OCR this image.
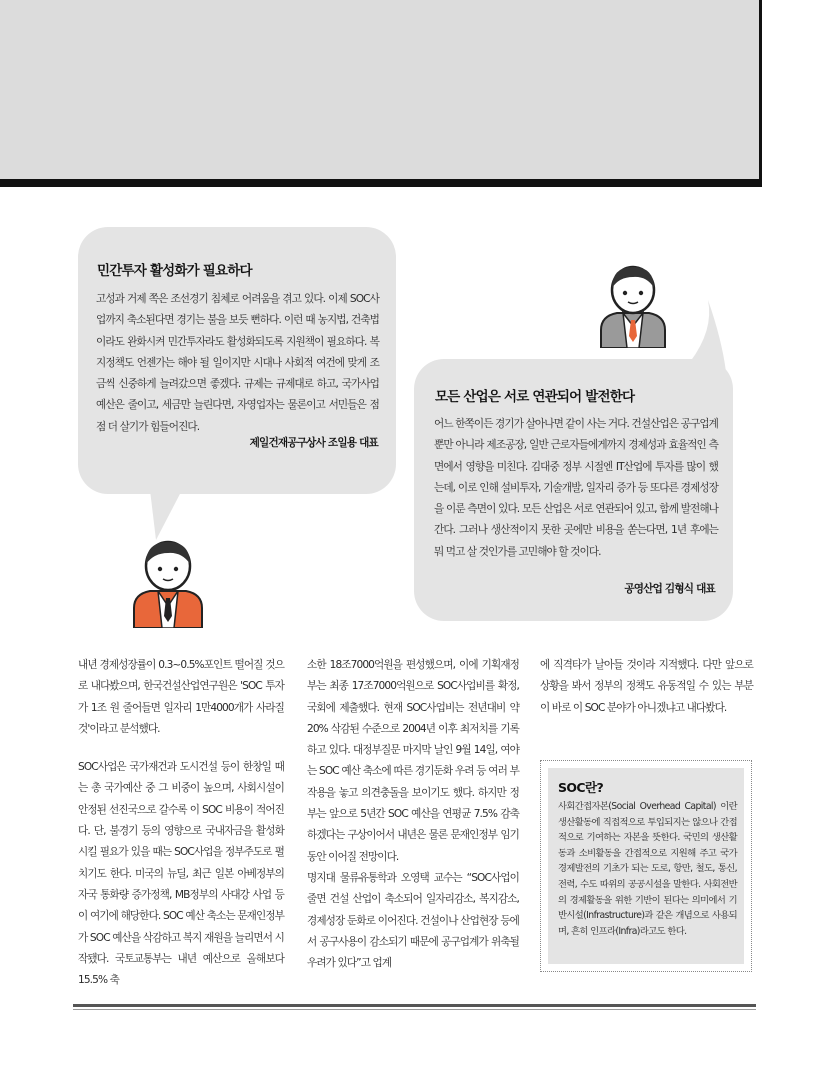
민간투자 활성화가 필요하다
고성과 거제 쪽은 조선경기 침체로 어려움을 겪고 있다. 이제 SOC사업까지 축소된다면 경기는 불을 보듯 뻔하다. 이런 때 농지법, 건축법이라도 완화시켜 민간투자라도 활성화되도록 지원책이 필요하다. 복지정책도 언젠가는 해야 될 일이지만 시대나 사회적 여건에 맞게 조금씩 신중하게 늘려갔으면 좋겠다. 규제는 규제대로 하고, 국가사업 예산은 줄이고, 세금만 늘린다면, 자영업자는 물론이고 서민들은 점점 더 살기가 힘들어진다.
제일건재공구상사 조일용 대표
모든 산업은 서로 연관되어 발전한다
어느 한쪽이든 경기가 살아나면 같이 사는 거다. 건설산업은 공구업계 뿐만 아니라 제조공장, 일반 근로자들에게까지 경제성과 효율적인 측면에서 영향을 미친다. 김대중 정부 시절엔 IT산업에 투자를 많이 했는데, 이로 인해 설비투자, 기술개발, 일자리 증가 등 또다른 경제성장을 이룬 측면이 있다. 모든 산업은 서로 연관되어 있고, 함께 발전해나간다. 그러나 생산적이지 못한 곳에만 비용을 쏟는다면, 1년 후에는 뭐 먹고 살 것인가를 고민해야 할 것이다.
공영산업 김형식 대표

내년 경제성장률이 0.3~0.5%포인트 떨어질 것으로 내다봤으며, 한국건설산업연구원은 'SOC 투자가 1조 원 줄어들면 일자리 1만4000개가 사라질 것'이라고 분석했다.

SOC사업은 국가재건과 도시건설 등이 한창일 때는 총 국가예산 중 그 비중이 높으며, 사회시설이 안정된 선진국으로 갈수록 이 SOC 비용이 적어진다. 단, 불경기 등의 영향으로 국내자금을 활성화시킬 필요가 있을 때는 SOC사업을 정부주도로 펼치기도 한다. 미국의 뉴딜, 최근 일본 아베정부의 자국 통화량 증가정책, MB정부의 사대강 사업 등이 여기에 해당한다. SOC 예산 축소는 문재인정부가 SOC 예산을 삭감하고 복지 재원을 늘리면서 시작됐다. 국토교통부는 내년 예산으로 올해보다 15.5% 축

소한 18조7000억원을 편성했으며, 이에 기획재정부는 최종 17조7000억원으로 SOC사업비를 확정, 국회에 제출했다. 현재 SOC사업비는 전년대비 약 20% 삭감된 수준으로 2004년 이후 최저치를 기록하고 있다. 대정부질문 마지막 날인 9월 14일, 여야는 SOC 예산 축소에 따른 경기둔화 우려 등 여러 부작용을 놓고 의견충돌을 보이기도 했다. 하지만 정부는 앞으로 5년간 SOC 예산을 연평균 7.5% 감축하겠다는 구상이어서 내년은 물론 문재인정부 임기 동안 이어질 전망이다.

명지대 물류유통학과 오영택 교수는 “SOC사업이 줄면 건설 산업이 축소되어 일자리감소, 복지감소, 경제성장 둔화로 이어진다. 건설이나 산업현장 등에서 공구사용이 감소되기 때문에 공구업계가 위축될 우려가 있다”고 업계

에 직격타가 날아들 것이라 지적했다. 다만 앞으로 상황을 봐서 정부의 정책도 유동적일 수 있는 부분이 바로 이 SOC 분야가 아니겠냐고 내다봤다.

SOC란?
사회간접자본(Social Overhead Capital) 이란 생산활동에 직접적으로 투입되지는 않으나 간접적으로 기여하는 자본을 뜻한다. 국민의 생산활동과 소비활동을 간접적으로 지원해 주고 국가 경제발전의 기초가 되는 도로, 항만, 철도, 통신, 전력, 수도 따위의 공공시설을 말한다. 사회전반의 경제활동을 위한 기반이 된다는 의미에서 기반시설(Infrastructure)과 같은 개념으로 사용되며, 흔히 인프라(Infra)라고도 한다.
